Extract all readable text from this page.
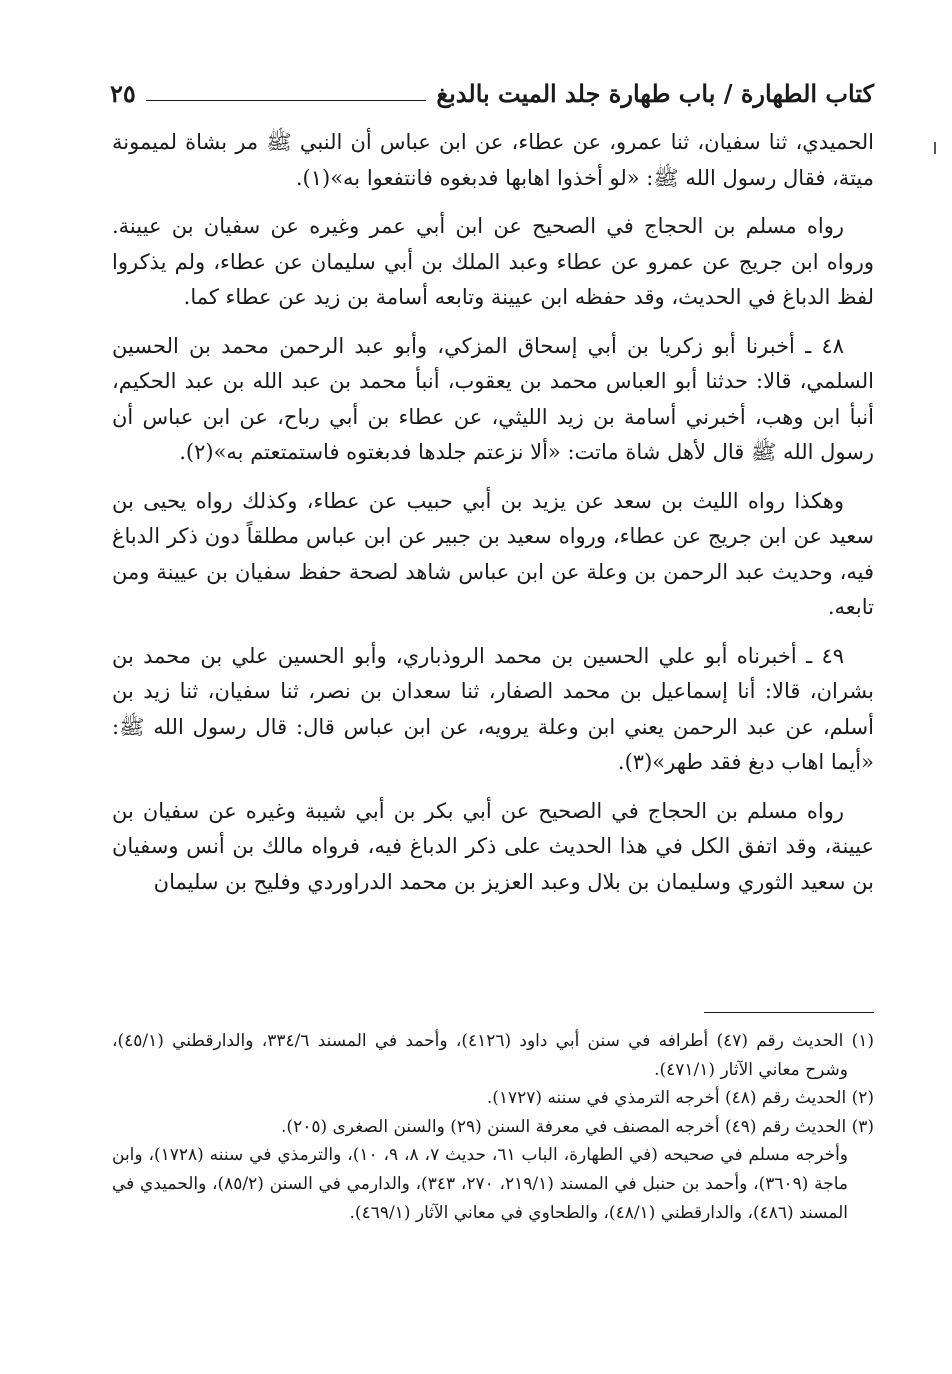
كتاب الطهارة / باب طهارة جلد الميت بالدبغ
٢٥

الحميدي، ثنا سفيان، ثنا عمرو، عن عطاء، عن ابن عباس أن النبي ﷺ مر بشاة لميمونة ميتة، فقال رسول الله ﷺ: «لو أخذوا اهابها فدبغوه فانتفعوا به»(١).

رواه مسلم بن الحجاج في الصحيح عن ابن أبي عمر وغيره عن سفيان بن عيينة. ورواه ابن جريج عن عمرو عن عطاء وعبد الملك بن أبي سليمان عن عطاء، ولم يذكروا لفظ الدباغ في الحديث، وقد حفظه ابن عيينة وتابعه أسامة بن زيد عن عطاء كما.

٤٨ ـ أخبرنا أبو زكريا بن أبي إسحاق المزكي، وأبو عبد الرحمن محمد بن الحسين السلمي، قالا: حدثنا أبو العباس محمد بن يعقوب، أنبأ محمد بن عبد الله بن عبد الحكيم، أنبأ ابن وهب، أخبرني أسامة بن زيد الليثي، عن عطاء بن أبي رباح، عن ابن عباس أن رسول الله ﷺ قال لأهل شاة ماتت: «ألا نزعتم جلدها فدبغتوه فاستمتعتم به»(٢).

وهكذا رواه الليث بن سعد عن يزيد بن أبي حبيب عن عطاء، وكذلك رواه يحيى بن سعيد عن ابن جريج عن عطاء، ورواه سعيد بن جبير عن ابن عباس مطلقاً دون ذكر الدباغ فيه، وحديث عبد الرحمن بن وعلة عن ابن عباس شاهد لصحة حفظ سفيان بن عيينة ومن تابعه.

٤٩ ـ أخبرناه أبو علي الحسين بن محمد الروذباري، وأبو الحسين علي بن محمد بن بشران، قالا: أنا إسماعيل بن محمد الصفار، ثنا سعدان بن نصر، ثنا سفيان، ثنا زيد بن أسلم، عن عبد الرحمن يعني ابن وعلة يرويه، عن ابن عباس قال: قال رسول الله ﷺ: «أيما اهاب دبغ فقد طهر»(٣).

رواه مسلم بن الحجاج في الصحيح عن أبي بكر بن أبي شيبة وغيره عن سفيان بن عيينة، وقد اتفق الكل في هذا الحديث على ذكر الدباغ فيه، فرواه مالك بن أنس وسفيان بن سعيد الثوري وسليمان بن بلال وعبد العزيز بن محمد الدراوردي وفليح بن سليمان

(١) الحديث رقم (٤٧) أطرافه في سنن أبي داود (٤١٢٦)، وأحمد في المسند ٣٣٤/٦، والدارقطني (٤٥/١)، وشرح معاني الآثار (٤٧١/١).

(٢) الحديث رقم (٤٨) أخرجه الترمذي في سننه (١٧٢٧).

(٣) الحديث رقم (٤٩) أخرجه المصنف في معرفة السنن (٢٩) والسنن الصغرى (٢٠٥).

وأخرجه مسلم في صحيحه (في الطهارة، الباب ٦١، حديث ٧، ٨، ٩، ١٠)، والترمذي في سننه (١٧٢٨)، وابن ماجة (٣٦٠٩)، وأحمد بن حنبل في المسند (٢١٩/١، ٢٧٠، ٣٤٣)، والدارمي في السنن (٨٥/٢)، والحميدي في المسند (٤٨٦)، والدارقطني (٤٨/١)، والطحاوي في معاني الآثار (٤٦٩/١).
